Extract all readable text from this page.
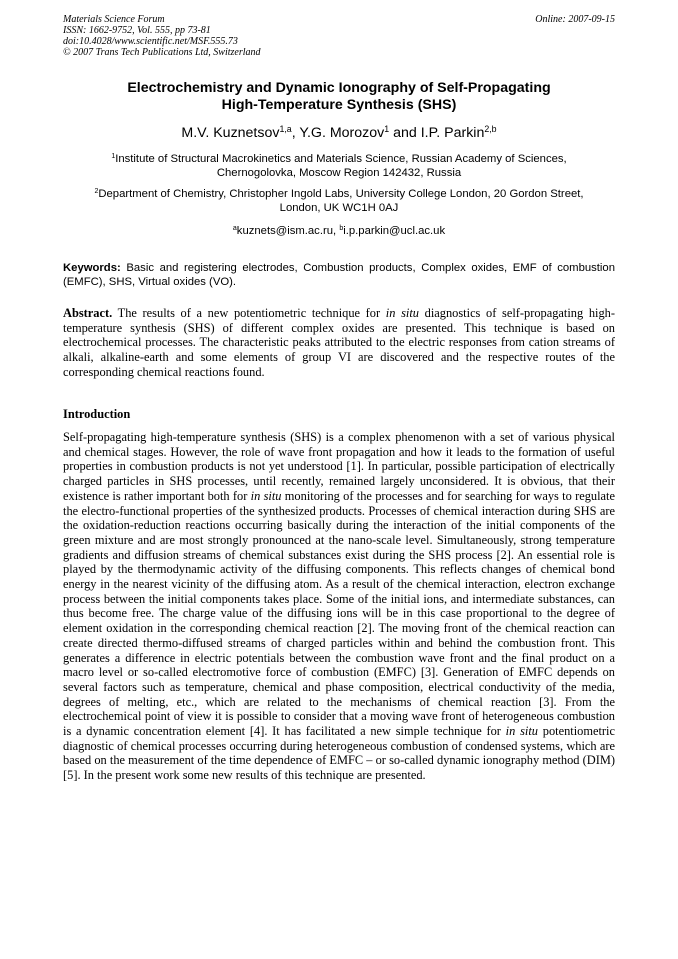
Materials Science Forum
ISSN: 1662-9752, Vol. 555, pp 73-81
doi:10.4028/www.scientific.net/MSF.555.73
© 2007 Trans Tech Publications Ltd, Switzerland
Online: 2007-09-15
Electrochemistry and Dynamic Ionography of Self-Propagating
High-Temperature Synthesis (SHS)
M.V. Kuznetsov$^{1,a}$, Y.G. Morozov$^1$ and I.P. Parkin$^{2,b}$
$^1$Institute of Structural Macrokinetics and Materials Science, Russian Academy of Sciences,
Chernogolovka, Moscow Region 142432, Russia
$^2$Department of Chemistry, Christopher Ingold Labs, University College London, 20 Gordon Street,
London, UK WC1H 0AJ
$^a$kuznets@ism.ac.ru, $^b$i.p.parkin@ucl.ac.uk
Keywords: Basic and registering electrodes, Combustion products, Complex oxides, EMF of combustion (EMFC), SHS, Virtual oxides (VO).
Abstract. The results of a new potentiometric technique for in situ diagnostics of self-propagating high-temperature synthesis (SHS) of different complex oxides are presented. This technique is based on electrochemical processes. The characteristic peaks attributed to the electric responses from cation streams of alkali, alkaline-earth and some elements of group VI are discovered and the respective routes of the corresponding chemical reactions found.
Introduction
Self-propagating high-temperature synthesis (SHS) is a complex phenomenon with a set of various physical and chemical stages. However, the role of wave front propagation and how it leads to the formation of useful properties in combustion products is not yet understood [1]. In particular, possible participation of electrically charged particles in SHS processes, until recently, remained largely unconsidered. It is obvious, that their existence is rather important both for in situ monitoring of the processes and for searching for ways to regulate the electro-functional properties of the synthesized products. Processes of chemical interaction during SHS are the oxidation-reduction reactions occurring basically during the interaction of the initial components of the green mixture and are most strongly pronounced at the nano-scale level. Simultaneously, strong temperature gradients and diffusion streams of chemical substances exist during the SHS process [2]. An essential role is played by the thermodynamic activity of the diffusing components. This reflects changes of chemical bond energy in the nearest vicinity of the diffusing atom. As a result of the chemical interaction, electron exchange process between the initial components takes place. Some of the initial ions, and intermediate substances, can thus become free. The charge value of the diffusing ions will be in this case proportional to the degree of element oxidation in the corresponding chemical reaction [2]. The moving front of the chemical reaction can create directed thermo-diffused streams of charged particles within and behind the combustion front. This generates a difference in electric potentials between the combustion wave front and the final product on a macro level or so-called electromotive force of combustion (EMFC) [3]. Generation of EMFC depends on several factors such as temperature, chemical and phase composition, electrical conductivity of the media, degrees of melting, etc., which are related to the mechanisms of chemical reaction [3]. From the electrochemical point of view it is possible to consider that a moving wave front of heterogeneous combustion is a dynamic concentration element [4]. It has facilitated a new simple technique for in situ potentiometric diagnostic of chemical processes occurring during heterogeneous combustion of condensed systems, which are based on the measurement of the time dependence of EMFC – or so-called dynamic ionography method (DIM) [5]. In the present work some new results of this technique are presented.
